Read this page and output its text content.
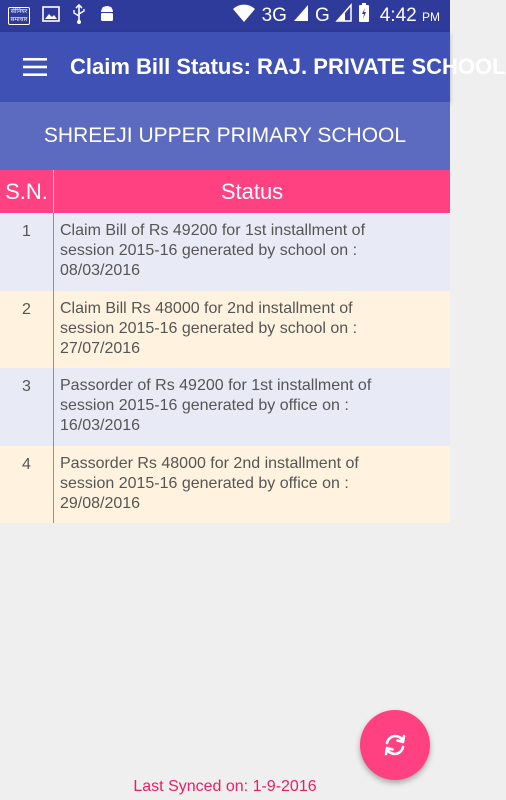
सीनियर समाचार	3G G	4:42 PM
Claim Bill Status: RAJ. PRIVATE SCHOOL
SHREEJI UPPER PRIMARY SCHOOL
S.N.	Status
1	Claim Bill of Rs 49200 for 1st installment of
session 2015-16 generated by school on :
08/03/2016
2	Claim Bill Rs 48000 for 2nd installment of
session 2015-16 generated by school on :
27/07/2016
3	Passorder of Rs 49200 for 1st installment of
session 2015-16 generated by office on :
16/03/2016
4	Passorder Rs 48000 for 2nd installment of
session 2015-16 generated by office on :
29/08/2016
Last Synced on: 1-9-2016
